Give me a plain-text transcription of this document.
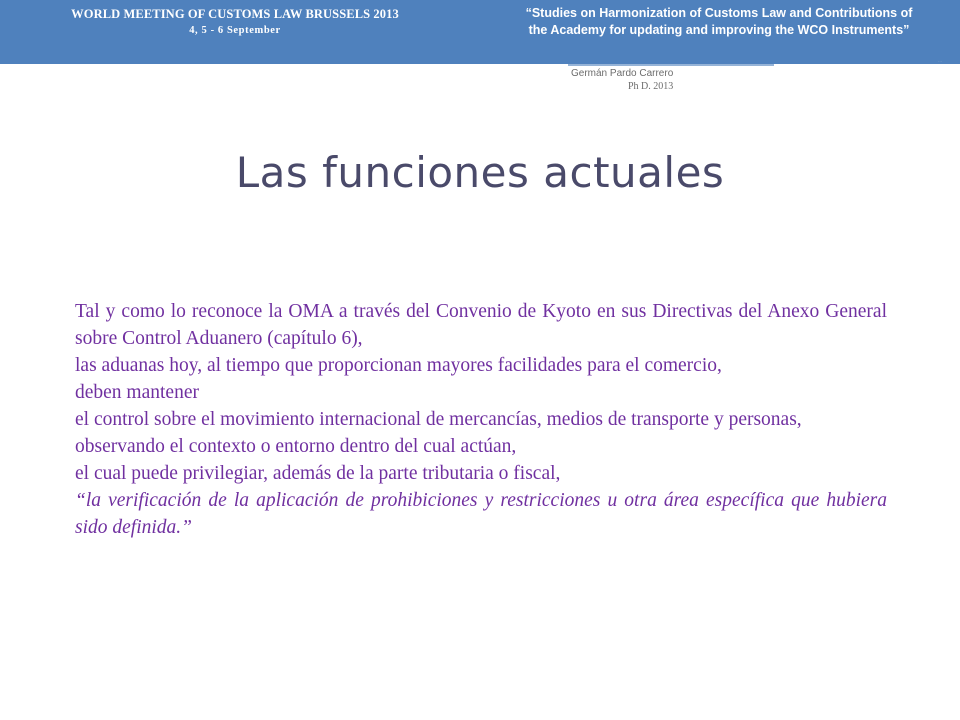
WORLD MEETING OF CUSTOMS LAW BRUSSELS 2013
4, 5 - 6 September
“Studies on Harmonization of Customs Law and Contributions of
the Academy for updating and improving the WCO Instruments”
···
Germán Pardo Carrero
Ph D. 2013
Las funciones actuales

Tal y como lo reconoce la OMA a través del Convenio de Kyoto en sus Directivas del Anexo General sobre Control Aduanero (capítulo 6),

las aduanas hoy, al tiempo que proporcionan mayores facilidades para el comercio,

deben mantener

el control sobre el movimiento internacional de mercancías, medios de transporte y personas,

observando el contexto o entorno dentro del cual actúan,

el cual puede privilegiar, además de la parte tributaria o fiscal,

“la verificación de la aplicación de prohibiciones y restricciones u otra área específica que hubiera sido definida.”
